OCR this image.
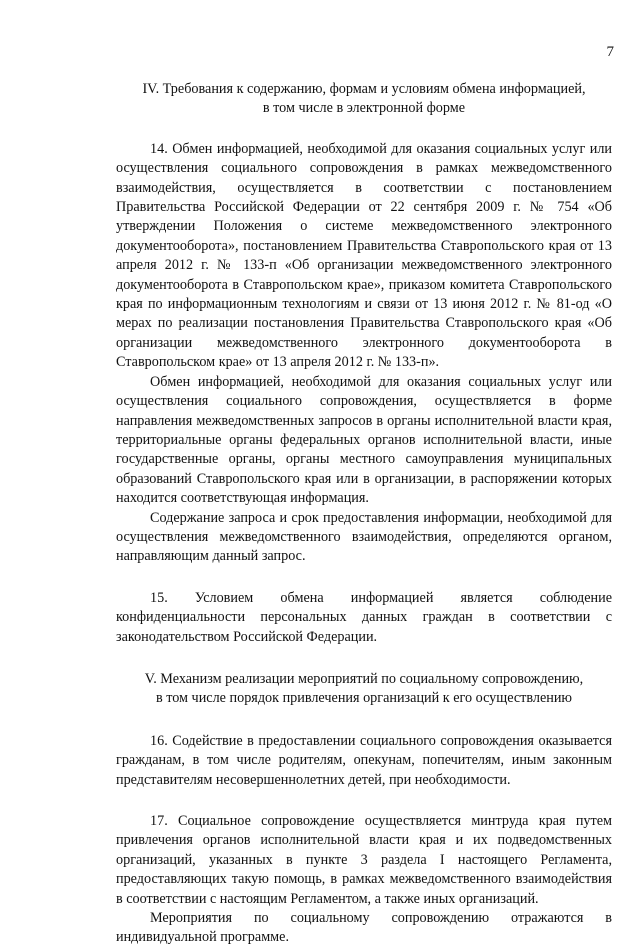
7
IV. Требования к содержанию, формам и условиям обмена информацией,
в том числе в электронной форме

14. Обмен информацией, необходимой для оказания социальных услуг или осуществления социального сопровождения в рамках межведомственного взаимодействия, осуществляется в соответствии с постановлением Правительства Российской Федерации от 22 сентября 2009 г. № 754 «Об утверждении Положения о системе межведомственного электронного документооборота», постановлением Правительства Ставропольского края от 13 апреля 2012 г. № 133-п «Об организации межведомственного электронного документооборота в Ставропольском крае», приказом комитета Ставропольского края по информационным технологиям и связи от 13 июня 2012 г. № 81-од «О мерах по реализации постановления Правительства Ставропольского края «Об организации межведомственного электронного документооборота в Ставропольском крае» от 13 апреля 2012 г. № 133-п».

Обмен информацией, необходимой для оказания социальных услуг или осуществления социального сопровождения, осуществляется в форме направления межведомственных запросов в органы исполнительной власти края, территориальные органы федеральных органов исполнительной власти, иные государственные органы, органы местного самоуправления муниципальных образований Ставропольского края или в организации, в распоряжении которых находится соответствующая информация.

Содержание запроса и срок предоставления информации, необходимой для осуществления межведомственного взаимодействия, определяются органом, направляющим данный запрос.

15. Условием обмена информацией является соблюдение конфиденциальности персональных данных граждан в соответствии с законодательством Российской Федерации.

V. Механизм реализации мероприятий по социальному сопровождению,
в том числе порядок привлечения организаций к его осуществлению

16. Содействие в предоставлении социального сопровождения оказывается гражданам, в том числе родителям, опекунам, попечителям, иным законным представителям несовершеннолетних детей, при необходимости.

17. Социальное сопровождение осуществляется минтруда края путем привлечения органов исполнительной власти края и их подведомственных организаций, указанных в пункте 3 раздела I настоящего Регламента, предоставляющих такую помощь, в рамках межведомственного взаимодействия в соответствии с настоящим Регламентом, а также иных организаций.

Мероприятия по социальному сопровождению отражаются в индивидуальной программе.
